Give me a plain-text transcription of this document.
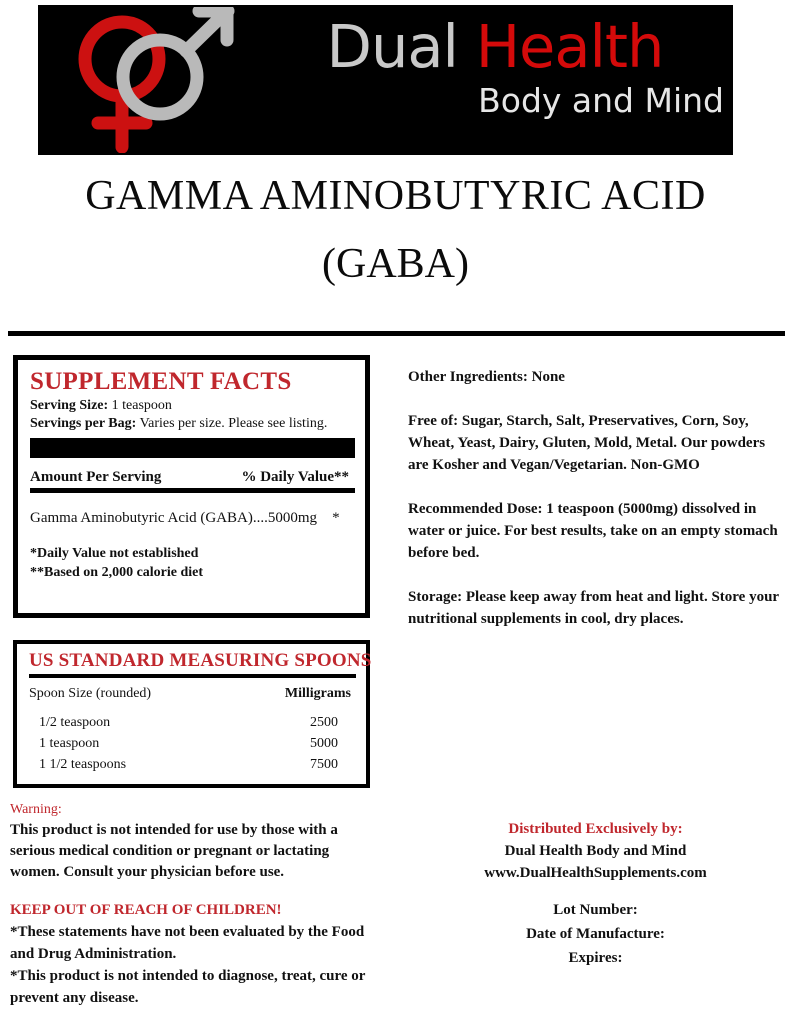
Dual Health
Body and Mind
GAMMA AMINOBUTYRIC ACID
(GABA)
SUPPLEMENT FACTS
Serving Size: 1 teaspoon
Servings per Bag: Varies per size. Please see listing.
Amount Per Serving	% Daily Value**
Gamma Aminobutyric Acid (GABA)....5000mg *
*Daily Value not established
**Based on 2,000 calorie diet
US STANDARD MEASURING SPOONS
Spoon Size (rounded)	Milligrams
1/2 teaspoon	2500
1 teaspoon	5000
1 1/2 teaspoons	7500
Other Ingredients: None
Free of: Sugar, Starch, Salt, Preservatives, Corn, Soy, Wheat, Yeast, Dairy, Gluten, Mold, Metal. Our powders are Kosher and Vegan/Vegetarian. Non-GMO
Recommended Dose: 1 teaspoon (5000mg) dissolved in water or juice. For best results, take on an empty stomach before bed.
Storage: Please keep away from heat and light. Store your nutritional supplements in cool, dry places.
Warning:
This product is not intended for use by those with a serious medical condition or pregnant or lactating women. Consult your physician before use.
KEEP OUT OF REACH OF CHILDREN!
*These statements have not been evaluated by the Food and Drug Administration.
*This product is not intended to diagnose, treat, cure or prevent any disease.
Distributed Exclusively by:
Dual Health Body and Mind
www.DualHealthSupplements.com
Lot Number:
Date of Manufacture:
Expires:
